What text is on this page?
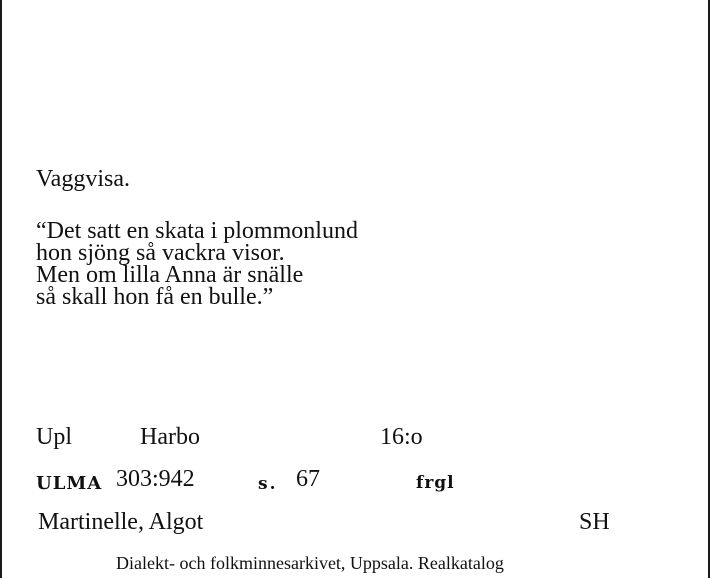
Vaggvisa.
“Det satt en skata i plommonlund
hon sjöng så vackra visor.
Men om lilla Anna är snälle
så skall hon få en bulle.”
Upl	Harbo	16:o
ULMA 303:942	s. 67	frgl
Martinelle, Algot	SH
Dialekt- och folkminnesarkivet, Uppsala. Realkatalog
